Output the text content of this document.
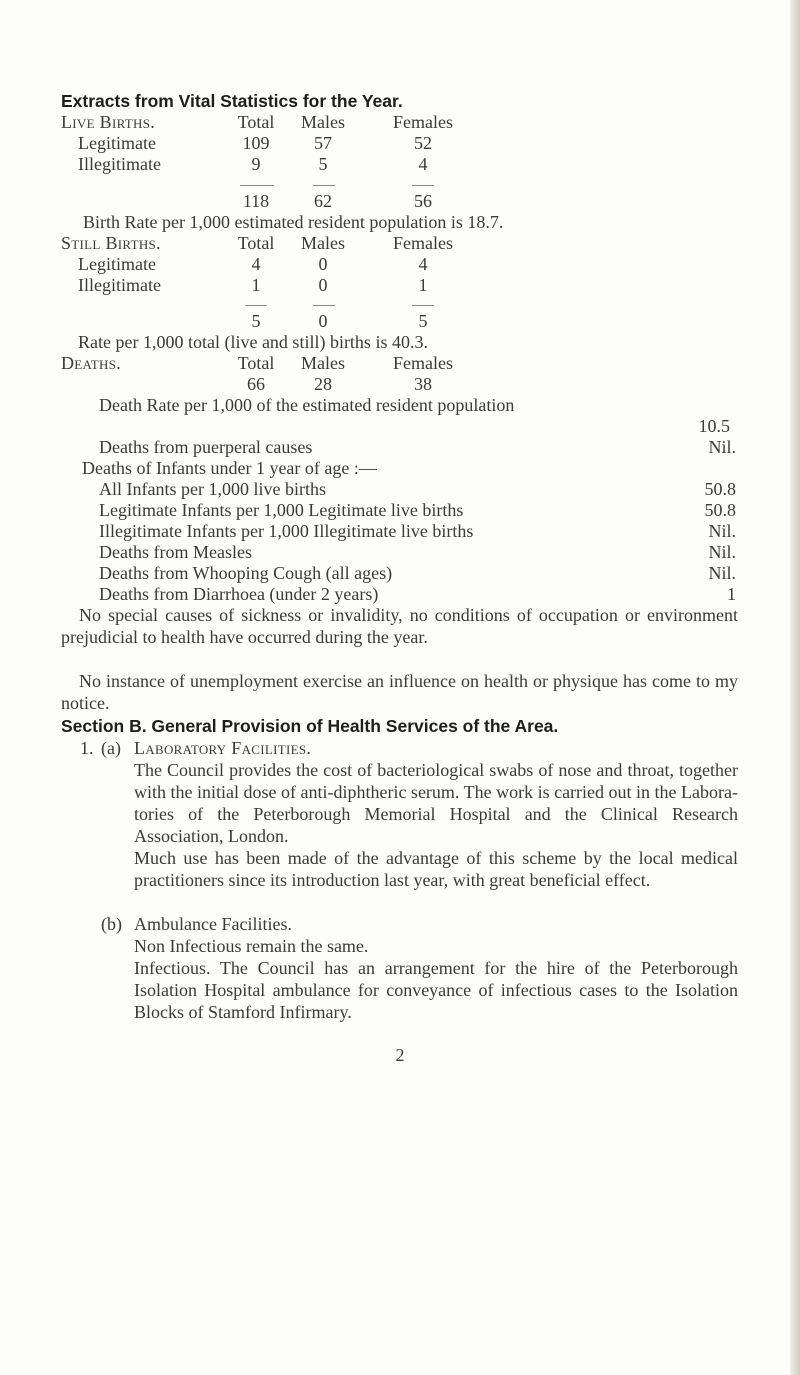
Extracts from Vital Statistics for the Year.
Live Births.	Total	Males	Females
Legitimate	109	57	52
Illegitimate	9	5	4
118	62	56
Birth Rate per 1,000 estimated resident population is 18.7.
Still Births.	Total	Males	Females
Legitimate	4	0	4
Illegitimate	1	0	1
5	0	5
Rate per 1,000 total (live and still) births is 40.3.
Deaths.	Total	Males	Females
66	28	38
Death Rate per 1,000 of the estimated resident population
10.5
Deaths from puerperal causes	Nil.
Deaths of Infants under 1 year of age :—
All Infants per 1,000 live births	50.8
Legitimate Infants per 1,000 Legitimate live births	50.8
Illegitimate Infants per 1,000 Illegitimate live births	Nil.
Deaths from Measles	Nil.
Deaths from Whooping Cough (all ages)	Nil.
Deaths from Diarrhoea (under 2 years)	1
No special causes of sickness or invalidity, no conditions of occupation or environment prejudicial to health have occurred during the year.
No instance of unemployment exercise an influence on health or physique has come to my notice.
Section B. General Provision of Health Services of the Area.
1. (a) Laboratory Facilities.
The Council provides the cost of bacteriological swabs of nose and throat, together with the initial dose of anti-diphtheric serum. The work is carried out in the Labora-tories of the Peterborough Memorial Hospital and the Clinical Research Association, London.
Much use has been made of the advantage of this scheme by the local medical practitioners since its introduction last year, with great beneficial effect.
(b) Ambulance Facilities.
Non Infectious remain the same.
Infectious. The Council has an arrangement for the hire of the Peterborough Isolation Hospital ambulance for conveyance of infectious cases to the Isolation Blocks of Stamford Infirmary.
2
